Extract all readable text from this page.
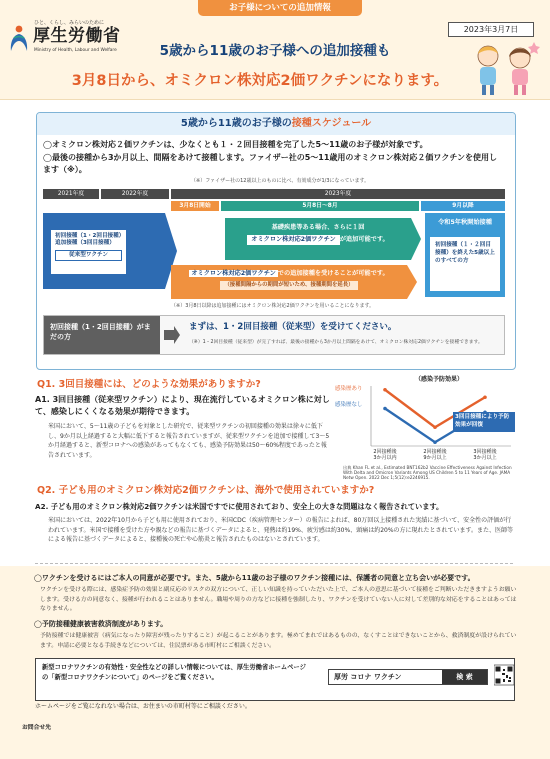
ひと、くらし、みらいのために
厚生労働省
Ministry of Health, Labour and Welfare
お子様についての追加情報
2023年3月7日
5歳から11歳のお子様への追加接種も
3月8日から、オミクロン株対応2価ワクチンになります。
5歳から11歳のお子様の接種スケジュール
◯オミクロン株対応２価ワクチンは、少なくとも１・２回目接種を完了した5～11歳のお子様が対象です。
◯最後の接種から3か月以上、間隔をあけて接種します。ファイザー社の5～11歳用のオミクロン株対応２価ワクチンを使用します（※）。
（※）ファイザー社の12歳以上のものに比べ、有効成分が1/3になっています。
2021年度	2022年度	2023年度
3月8日開始	5月8日〜8月	9月以降
初回接種（1・2回目接種）
追加接種（3回目接種）
従来型ワクチン
基礎疾患等ある場合、さらに１回
オミクロン株対応2価ワクチン が追加可能です。
オミクロン株対応2価ワクチン での追加接種を受けることが可能です。
（接種間隔からの期間が短いため、接種期間を延長）
（※）3月8日以降は追加接種にはオミクロン株対応2価ワクチンを用いることになります。
令和5年秋開始接種
初回接種（１・２回目接種）を終えた5歳以上のすべての方
初回接種（1・2回目接種）がまだの方
まずは、1・2回目接種（従来型）を受けてください。
（※）1・2回目接種（従来型）が完了すれば、最後の接種から3か月以上間隔をあけて、オミクロン株対応2価ワクチンを接種できます。
Q1. 3回目接種には、どのような効果がありますか?
A1. 3回目接種（従来型ワクチン）により、現在流行しているオミクロン株に対して、感染しにくくなる効果が期待できます。
米国において、5〜11歳の子どもを対象とした研究で、従来型ワクチンの初回接種の効果は徐々に低下し、9か月以上経過すると大幅に低下すると報告されていますが、従来型ワクチンを追加で接種して3〜5か月経過すると、新型コロナへの感染があってもなくても、感染予防効果は50〜60%程度であったと報告されています。
（感染予防効果）
感染歴あり
感染歴なし
3回目接種により予防効果が回復
2回接種後
3か月以内
2回接種後
9か月以上
3回接種後
3か月以上
出典 Khan FL et al., Estimated BNT162b2 Vaccine Effectiveness Against Infection With Delta and Omicron Variants Among US Children 5 to 11 Years of Age. JAMA Netw Open. 2022 Dec 1;5(12):e2246915.
Q2. 子ども用のオミクロン株対応2価ワクチンは、海外で使用されていますか?
A2. 子ども用のオミクロン株対応2価ワクチンは米国ですでに使用されており、安全上の大きな問題はなく報告されています。
米国においては、2022年10月から子ども用に使用されており、米国CDC（疾病管理センター）の報告によれば、80万回以上接種された実績に基づいて、安全性の評価が行われています。米国で接種を受けた方や親などの報告に基づくデータによると、発熱は約19%、疲労感は約30%、頭痛は約20%の方に現れたとされています。また、医師等による報告に基づくデータによると、接種後の死亡や心筋炎と報告されたものはないとされています。
◯ワクチンを受けるにはご本人の同意が必要です。また、5歳から11歳のお子様のワクチン接種には、保護者の同意と立ち会いが必要です。
ワクチンを受ける際には、感染症予防の効果と副反応のリスクの双方について、正しい知識を持っていただいた上で、ご本人の意思に基づいて接種をご判断いただきますようお願いします。受ける方の同意なく、接種が行われることはありません。職場や周りの方などに接種を強制したり、ワクチンを受けていない人に対して差別的な対応をすることはあってはなりません。
◯予防接種健康被害救済制度があります。
予防接種では健康被害（病気になったり障害が残ったりすること）が起こることがあります。極めてまれではあるものの、なくすことはできないことから、救済制度が設けられています。申請に必要となる手続きなどについては、住民票がある市町村にご相談ください。
新型コロナワクチンの有効性・安全性などの詳しい情報については、厚生労働省ホームページの「新型コロナワクチンについて」のページをご覧ください。	厚労 コロナ ワクチン	検 索
ホームページをご覧になれない場合は、お住まいの市町村等にご相談ください。
お問合せ先
